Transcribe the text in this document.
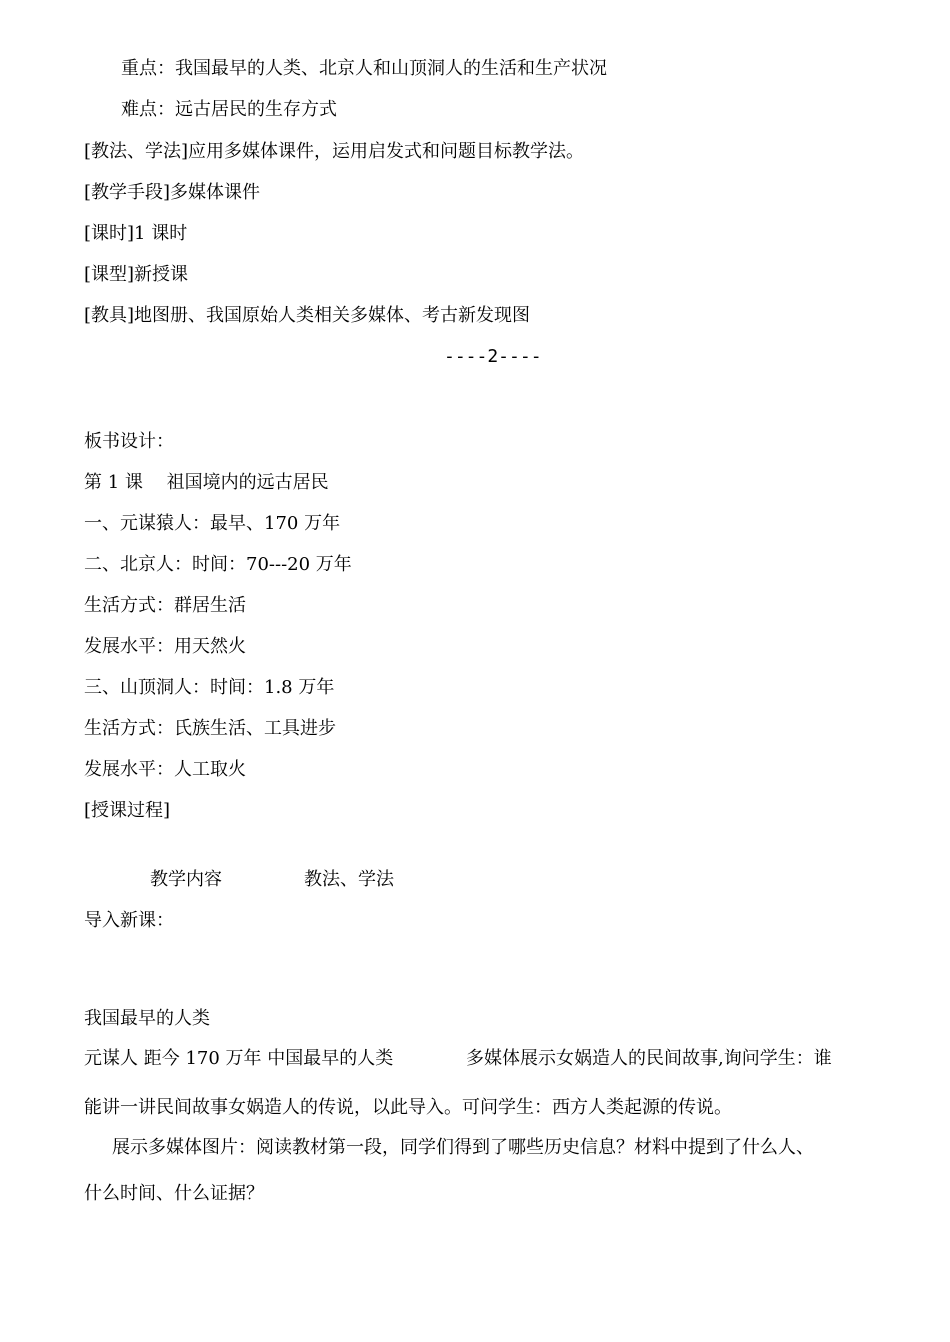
重点：我国最早的人类、北京人和山顶洞人的生活和生产状况
难点：远古居民的生存方式
[教法、学法]应用多媒体课件，运用启发式和问题目标教学法。
[教学手段]多媒体课件
[课时]1 课时
[课型]新授课
[教具]地图册、我国原始人类相关多媒体、考古新发现图
----2----
板书设计：
第 1 课　 祖国境内的远古居民
一、元谋猿人：最早、170 万年
二、北京人：时间：70---20 万年
生活方式：群居生活
发展水平：用天然火
三、山顶洞人：时间：1.8 万年
生活方式：氏族生活、工具进步
发展水平：人工取火
[授课过程]
教学内容	教法、学法
导入新课：
我国最早的人类
元谋人 距今 170 万年 中国最早的人类	多媒体展示女娲造人的民间故事,询问学生：谁
能讲一讲民间故事女娲造人的传说，以此导入。可问学生：西方人类起源的传说。
展示多媒体图片：阅读教材第一段，同学们得到了哪些历史信息？材料中提到了什么人、
什么时间、什么证据？
